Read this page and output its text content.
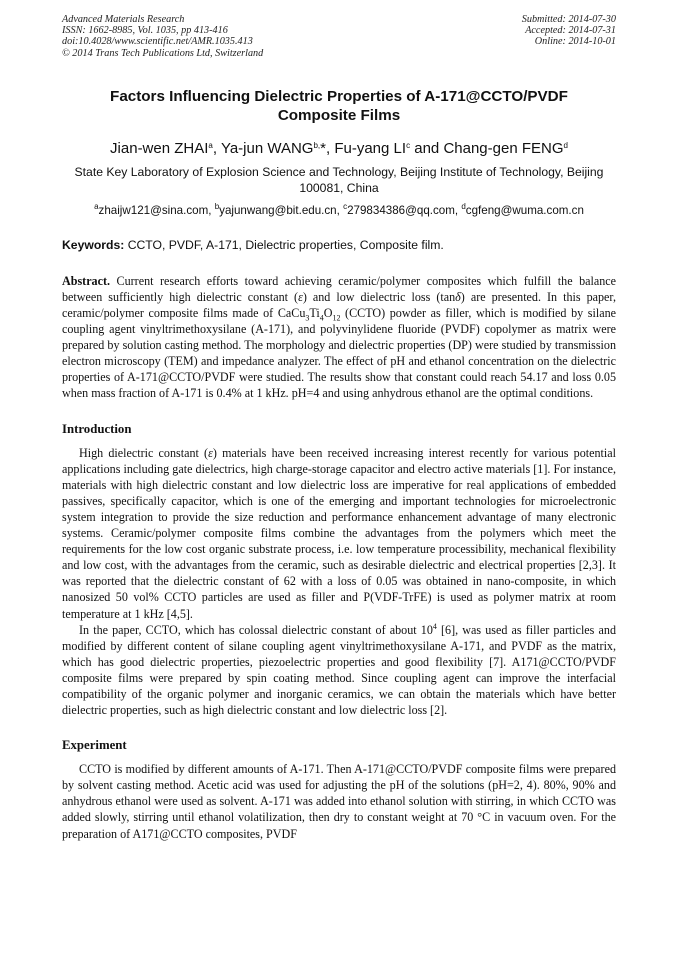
Advanced Materials Research
ISSN: 1662-8985, Vol. 1035, pp 413-416
doi:10.4028/www.scientific.net/AMR.1035.413
© 2014 Trans Tech Publications Ltd, Switzerland
Submitted: 2014-07-30
Accepted: 2014-07-31
Online: 2014-10-01
Factors Influencing Dielectric Properties of A-171@CCTO/PVDF Composite Films
Jian-wen ZHAI$^a$, Ya-jun $WANG^{b,}*$, Fu-yang $LI^c$ and Chang-gen FENG$^d$
State Key Laboratory of Explosion Science and Technology, Beijing Institute of Technology, Beijing 100081, China
$^a$zhaijw121@sina.com, $^b$yajunwang@bit.edu.cn, $^c$279834386@qq.com, $^d$cgfeng@wuma.com.cn
Keywords: CCTO, PVDF, A-171, Dielectric properties, Composite film.

Abstract. Current research efforts toward achieving ceramic/polymer composites which fulfill the balance between sufficiently high dielectric constant (ε) and low dielectric loss (tanδ) are presented. In this paper, ceramic/polymer composite films made of $CaCu_3Ti_4O_{12}$ (CCTO) powder as filler, which is modified by silane coupling agent vinyltrimethoxysilane (A-171), and polyvinylidene fluoride (PVDF) copolymer as matrix were prepared by solution casting method. The morphology and dielectric properties (DP) were studied by transmission electron microscopy (TEM) and impedance analyzer. The effect of pH and ethanol concentration on the dielectric properties of A-171@CCTO/PVDF were studied. The results show that constant could reach 54.17 and loss 0.05 when mass fraction of A-171 is 0.4% at 1 kHz. pH=4 and using anhydrous ethanol are the optimal conditions.

Introduction

High dielectric constant (ε) materials have been received increasing interest recently for various potential applications including gate dielectrics, high charge-storage capacitor and electro active materials [1]. For instance, materials with high dielectric constant and low dielectric loss are imperative for real applications of embedded passives, specifically capacitor, which is one of the emerging and important technologies for microelectronic system integration to provide the size reduction and performance enhancement advantage of many electronic systems. Ceramic/polymer composite films combine the advantages from the polymers which meet the requirements for the low cost organic substrate process, i.e. low temperature processibility, mechanical flexibility and low cost, with the advantages from the ceramic, such as desirable dielectric and electrical properties [2,3]. It was reported that the dielectric constant of 62 with a loss of 0.05 was obtained in nano-composite, in which nanosized 50 vol% CCTO particles are used as filler and P(VDF-TrFE) is used as polymer matrix at room temperature at 1 kHz [4,5].

In the paper, CCTO, which has colossal dielectric constant of about $10^4$ [6], was used as filler particles and modified by different content of silane coupling agent vinyltrimethoxysilane A-171, and PVDF as the matrix, which has good dielectric properties, piezoelectric properties and good flexibility [7]. A171@CCTO/PVDF composite films were prepared by spin coating method. Since coupling agent can improve the interfacial compatibility of the organic polymer and inorganic ceramics, we can obtain the materials which have better dielectric properties, such as high dielectric constant and low dielectric loss [2].

Experiment

CCTO is modified by different amounts of A-171. Then A-171@CCTO/PVDF composite films were prepared by solvent casting method. Acetic acid was used for adjusting the pH of the solutions (pH=2, 4). 80%, 90% and anhydrous ethanol were used as solvent. A-171 was added into ethanol solution with stirring, in which CCTO was added slowly, stirring until ethanol volatilization, then dry to constant weight at 70 °C in vacuum oven. For the preparation of A171@CCTO composites, PVDF
